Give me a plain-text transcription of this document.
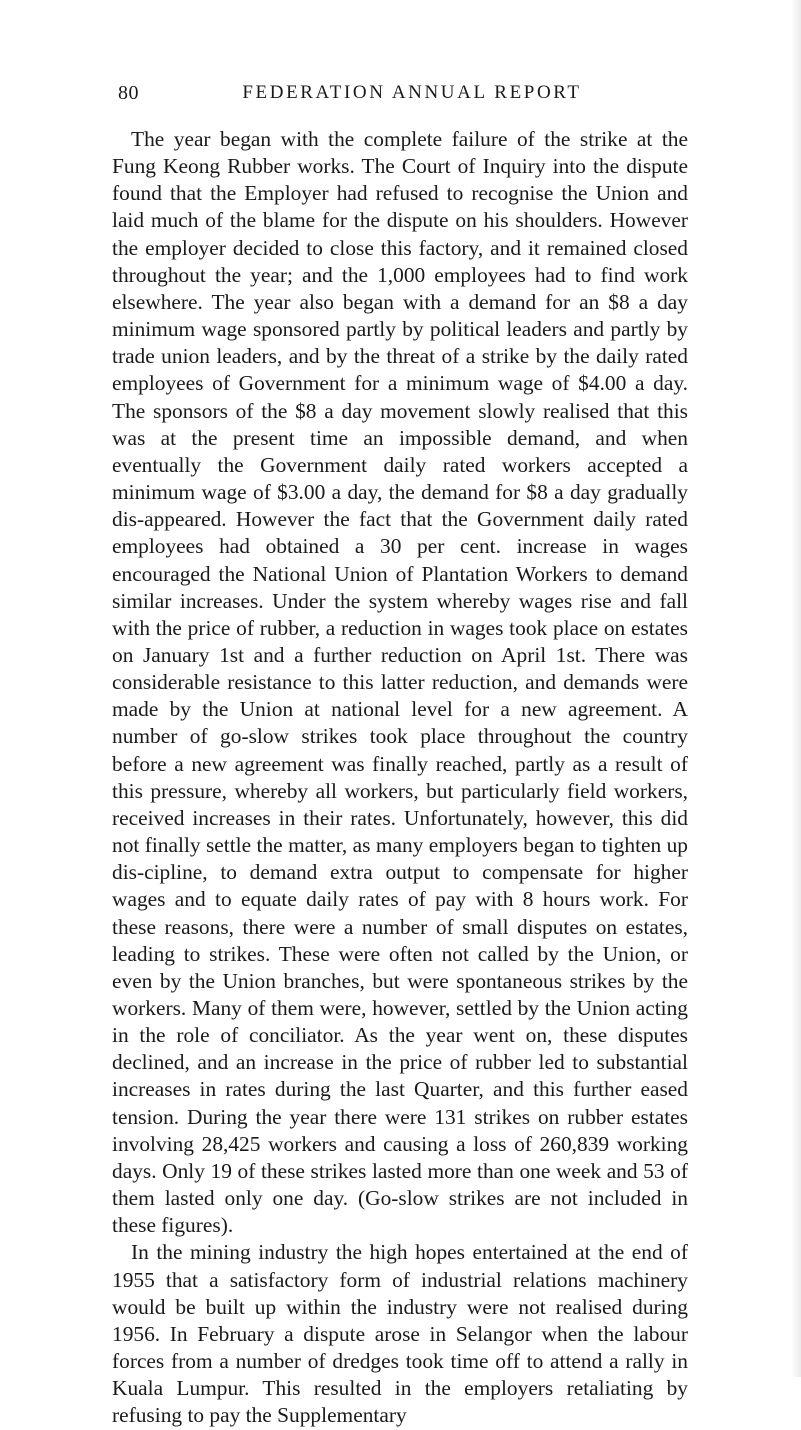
80	FEDERATION ANNUAL REPORT

The year began with the complete failure of the strike at the Fung Keong Rubber works. The Court of Inquiry into the dispute found that the Employer had refused to recognise the Union and laid much of the blame for the dispute on his shoulders. However the employer decided to close this factory, and it remained closed throughout the year; and the 1,000 employees had to find work elsewhere. The year also began with a demand for an $8 a day minimum wage sponsored partly by political leaders and partly by trade union leaders, and by the threat of a strike by the daily rated employees of Government for a minimum wage of $4.00 a day. The sponsors of the $8 a day movement slowly realised that this was at the present time an impossible demand, and when eventually the Government daily rated workers accepted a minimum wage of $3.00 a day, the demand for $8 a day gradually dis-appeared. However the fact that the Government daily rated employees had obtained a 30 per cent. increase in wages encouraged the National Union of Plantation Workers to demand similar increases. Under the system whereby wages rise and fall with the price of rubber, a reduction in wages took place on estates on January 1st and a further reduction on April 1st. There was considerable resistance to this latter reduction, and demands were made by the Union at national level for a new agreement. A number of go-slow strikes took place throughout the country before a new agreement was finally reached, partly as a result of this pressure, whereby all workers, but particularly field workers, received increases in their rates. Unfortunately, however, this did not finally settle the matter, as many employers began to tighten up dis-cipline, to demand extra output to compensate for higher wages and to equate daily rates of pay with 8 hours work. For these reasons, there were a number of small disputes on estates, leading to strikes. These were often not called by the Union, or even by the Union branches, but were spontaneous strikes by the workers. Many of them were, however, settled by the Union acting in the role of conciliator. As the year went on, these disputes declined, and an increase in the price of rubber led to substantial increases in rates during the last Quarter, and this further eased tension. During the year there were 131 strikes on rubber estates involving 28,425 workers and causing a loss of 260,839 working days. Only 19 of these strikes lasted more than one week and 53 of them lasted only one day. (Go-slow strikes are not included in these figures).

In the mining industry the high hopes entertained at the end of 1955 that a satisfactory form of industrial relations machinery would be built up within the industry were not realised during 1956. In February a dispute arose in Selangor when the labour forces from a number of dredges took time off to attend a rally in Kuala Lumpur. This resulted in the employers retaliating by refusing to pay the Supplementary
